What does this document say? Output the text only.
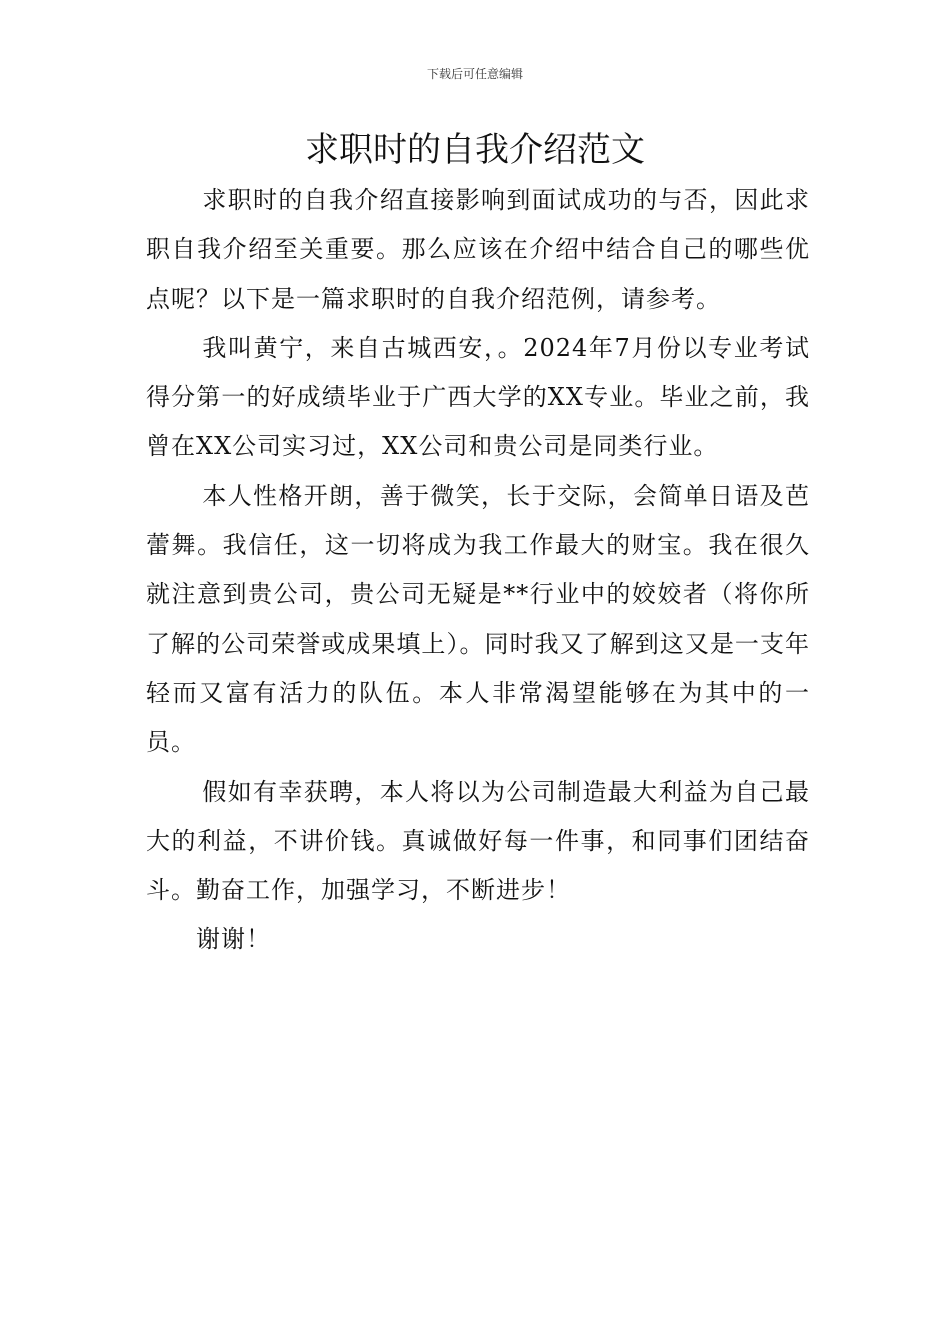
下载后可任意编辑
求职时的自我介绍范文

求职时的自我介绍直接影响到面试成功的与否，因此求职自我介绍至关重要。那么应该在介绍中结合自己的哪些优点呢？以下是一篇求职时的自我介绍范例，请参考。

我叫黄宁，来自古城西安，。2024年7月份以专业考试得分第一的好成绩毕业于广西大学的XX专业。毕业之前，我曾在XX公司实习过，XX公司和贵公司是同类行业。

本人性格开朗，善于微笑，长于交际，会简单日语及芭蕾舞。我信任，这一切将成为我工作最大的财宝。我在很久就注意到贵公司，贵公司无疑是**行业中的姣姣者（将你所了解的公司荣誉或成果填上）。同时我又了解到这又是一支年轻而又富有活力的队伍。本人非常渴望能够在为其中的一员。

假如有幸获聘，本人将以为公司制造最大利益为自己最大的利益，不讲价钱。真诚做好每一件事，和同事们团结奋斗。勤奋工作，加强学习，不断进步！

谢谢！
